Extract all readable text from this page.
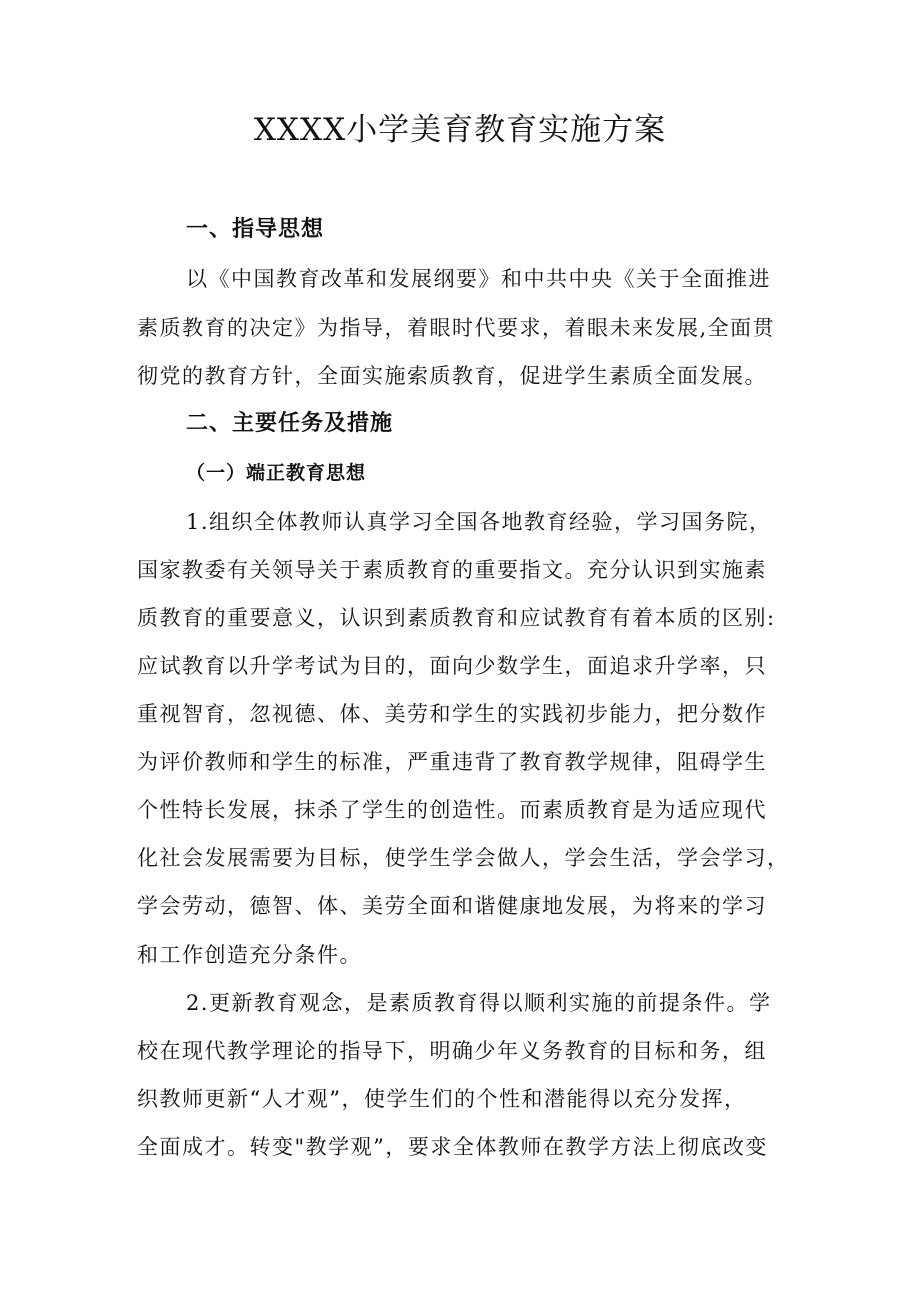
XXXX小学美育教育实施方案
一、指导思想

以《中国教育改革和发展纲要》和中共中央《关于全面推进

素质教育的决定》为指导，着眼时代要求，着眼未来发展,全面贯

彻党的教育方针，全面实施索质教育，促进学生素质全面发展。

二、主要任务及措施
（一）端正教育思想

1.组织全体教师认真学习全国各地教育经验，学习国务院，

国家教委有关领导关于素质教育的重要指文。充分认识到实施素

质教育的重要意义，认识到素质教育和应试教育有着本质的区别:

应试教育以升学考试为目的，面向少数学生，面追求升学率，只

重视智育，忽视德、体、美劳和学生的实践初步能力，把分数作

为评价教师和学生的标准，严重违背了教育教学规律，阻碍学生

个性特长发展，抹杀了学生的创造性。而素质教育是为适应现代

化社会发展需要为目标，使学生学会做人，学会生活，学会学习，

学会劳动，德智、体、美劳全面和谐健康地发展，为将来的学习

和工作创造充分条件。

2.更新教育观念，是素质教育得以顺利实施的前提条件。学

校在现代教学理论的指导下，明确少年义务教育的目标和务，组

织教师更新“人才观”，使学生们的个性和潜能得以充分发挥，

全面成才。转变"教学观”，要求全体教师在教学方法上彻底改变
